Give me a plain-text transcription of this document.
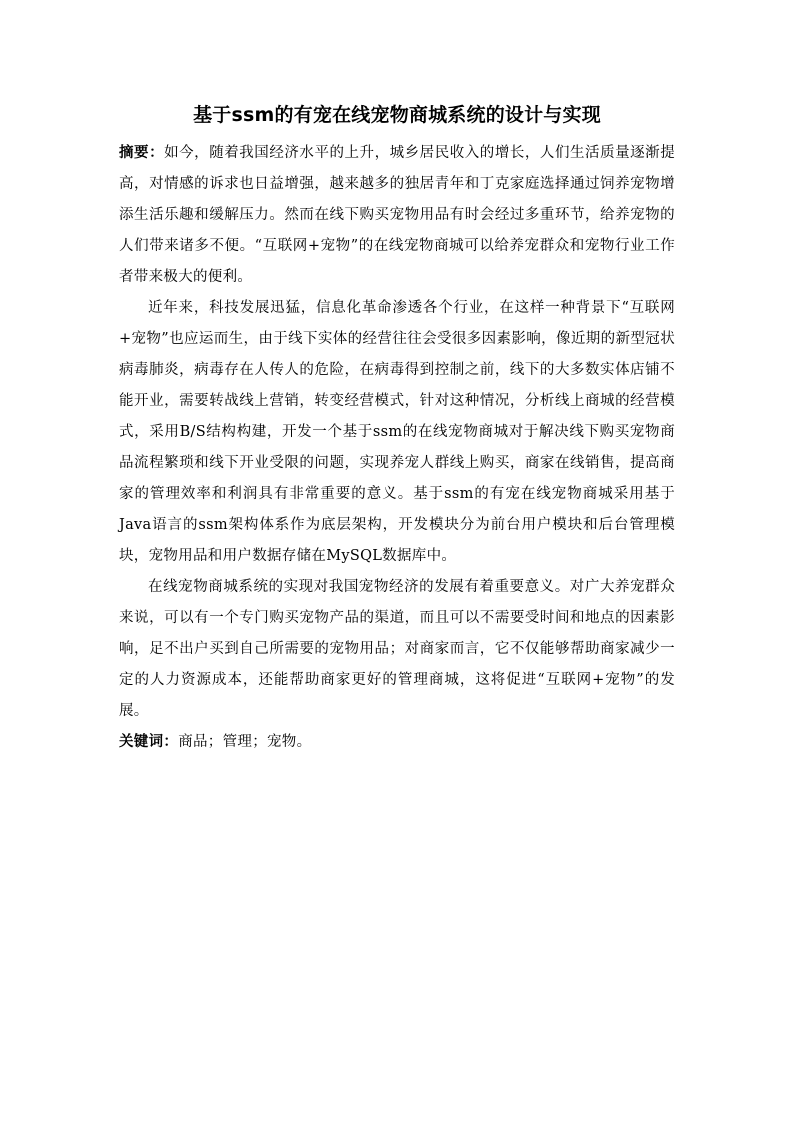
基于ssm的有宠在线宠物商城系统的设计与实现

摘要：如今，随着我国经济水平的上升，城乡居民收入的增长，人们生活质量逐渐提高，对情感的诉求也日益增强，越来越多的独居青年和丁克家庭选择通过饲养宠物增添生活乐趣和缓解压力。然而在线下购买宠物用品有时会经过多重环节，给养宠物的人们带来诸多不便。“互联网+宠物”的在线宠物商城可以给养宠群众和宠物行业工作者带来极大的便利。

近年来，科技发展迅猛，信息化革命渗透各个行业，在这样一种背景下“互联网+宠物”也应运而生，由于线下实体的经营往往会受很多因素影响，像近期的新型冠状病毒肺炎，病毒存在人传人的危险，在病毒得到控制之前，线下的大多数实体店铺不能开业，需要转战线上营销，转变经营模式，针对这种情况，分析线上商城的经营模式，采用B/S结构构建，开发一个基于ssm的在线宠物商城对于解决线下购买宠物商品流程繁琐和线下开业受限的问题，实现养宠人群线上购买，商家在线销售，提高商家的管理效率和利润具有非常重要的意义。基于ssm的有宠在线宠物商城采用基于Java语言的ssm架构体系作为底层架构，开发模块分为前台用户模块和后台管理模块，宠物用品和用户数据存储在MySQL数据库中。

在线宠物商城系统的实现对我国宠物经济的发展有着重要意义。对广大养宠群众来说，可以有一个专门购买宠物产品的渠道，而且可以不需要受时间和地点的因素影响，足不出户买到自己所需要的宠物用品；对商家而言，它不仅能够帮助商家减少一定的人力资源成本，还能帮助商家更好的管理商城，这将促进“互联网+宠物”的发展。

关键词：商品；管理；宠物。
